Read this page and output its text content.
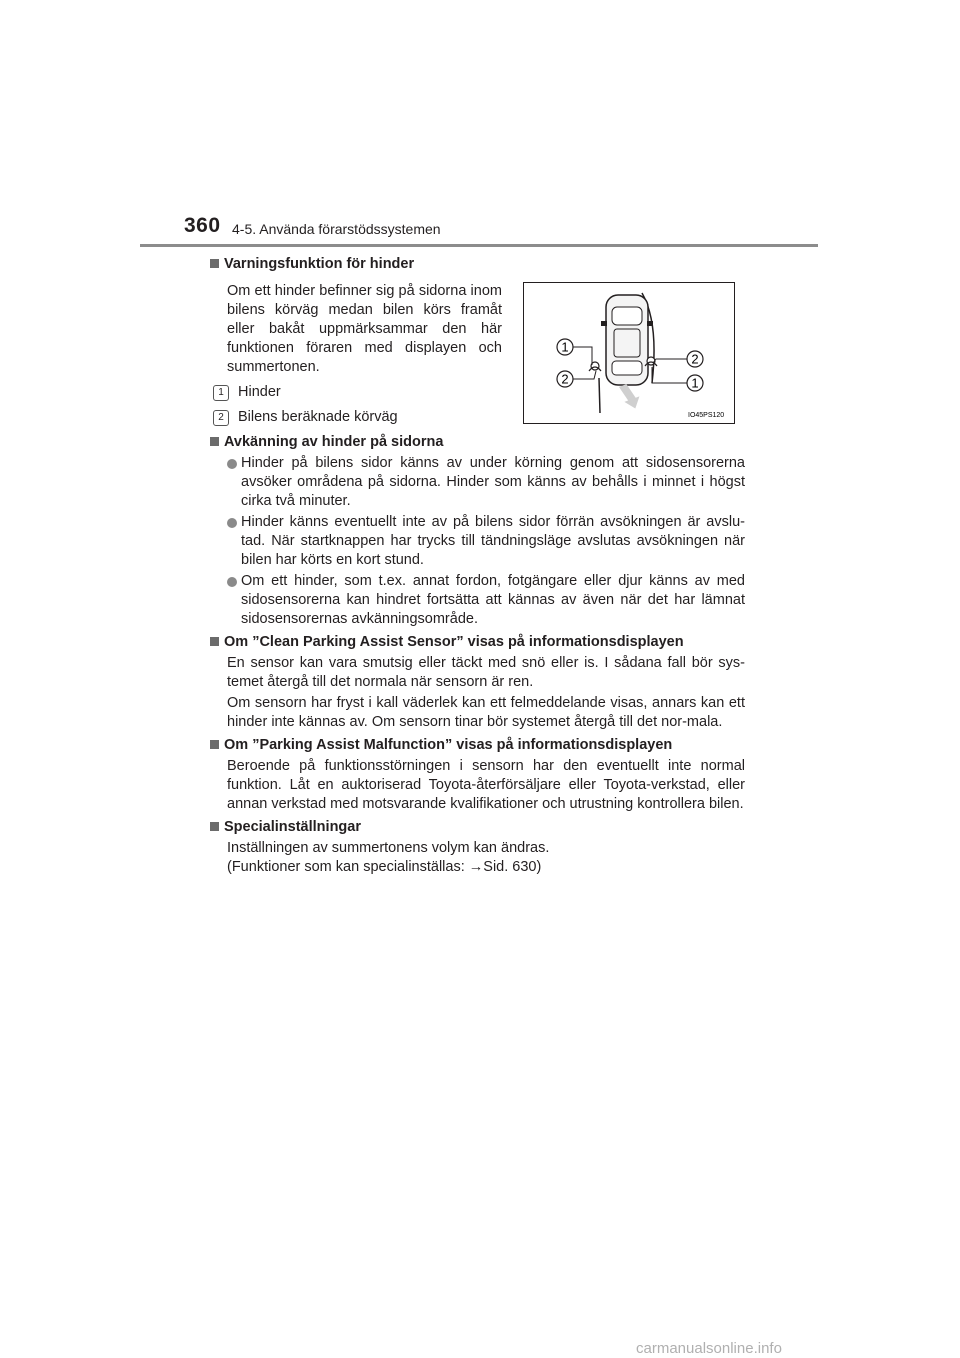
360 4-5. Använda förarstödssystemen
1
2
2
1
IO45PS120
Varningsfunktion för hinder
Om ett hinder befinner sig på sidorna inom bilens körväg medan bilen körs framåt eller bakåt uppmärksammar den här funktionen föraren med displayen och summertonen.
1 Hinder
2 Bilens beräknade körväg
Avkänning av hinder på sidorna
Hinder på bilens sidor känns av under körning genom att sidosensorerna avsöker områdena på sidorna. Hinder som känns av behålls i minnet i högst cirka två minuter.
Hinder känns eventuellt inte av på bilens sidor förrän avsökningen är avslu-tad. När startknappen har trycks till tändningsläge avslutas avsökningen när bilen har körts en kort stund.
Om ett hinder, som t.ex. annat fordon, fotgängare eller djur känns av med sidosensorerna kan hindret fortsätta att kännas av även när det har lämnat sidosensorernas avkänningsområde.
Om ”Clean Parking Assist Sensor” visas på informationsdisplayen
En sensor kan vara smutsig eller täckt med snö eller is. I sådana fall bör sys-temet återgå till det normala när sensorn är ren.
Om sensorn har fryst i kall väderlek kan ett felmeddelande visas, annars kan ett hinder inte kännas av. Om sensorn tinar bör systemet återgå till det nor-mala.
Om ”Parking Assist Malfunction” visas på informationsdisplayen
Beroende på funktionsstörningen i sensorn har den eventuellt inte normal funktion. Låt en auktoriserad Toyota-återförsäljare eller Toyota-verkstad, eller annan verkstad med motsvarande kvalifikationer och utrustning kontrollera bilen.
Specialinställningar
Inställningen av summertonens volym kan ändras.
(Funktioner som kan specialinställas: →Sid. 630)
carmanualsonline.info
